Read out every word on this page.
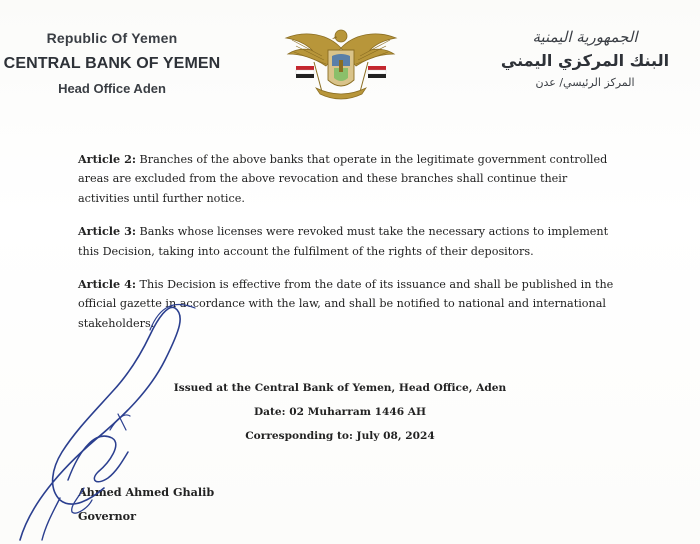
Republic Of Yemen
CENTRAL BANK OF YEMEN
Head Office Aden
الجمهورية اليمنية
البنك المركزي اليمني
المركز الرئيسي/ عدن

Article 2: Branches of the above banks that operate in the legitimate government controlled areas are excluded from the above revocation and these branches shall continue their activities until further notice.

Article 3: Banks whose licenses were revoked must take the necessary actions to implement this Decision, taking into account the fulfilment of the rights of their depositors.

Article 4: This Decision is effective from the date of its issuance and shall be published in the official gazette in accordance with the law, and shall be notified to national and international stakeholders.

Issued at the Central Bank of Yemen, Head Office, Aden
Date: 02 Muharram 1446 AH
Corresponding to: July 08, 2024
Ahmed Ahmed Ghalib
Governor
